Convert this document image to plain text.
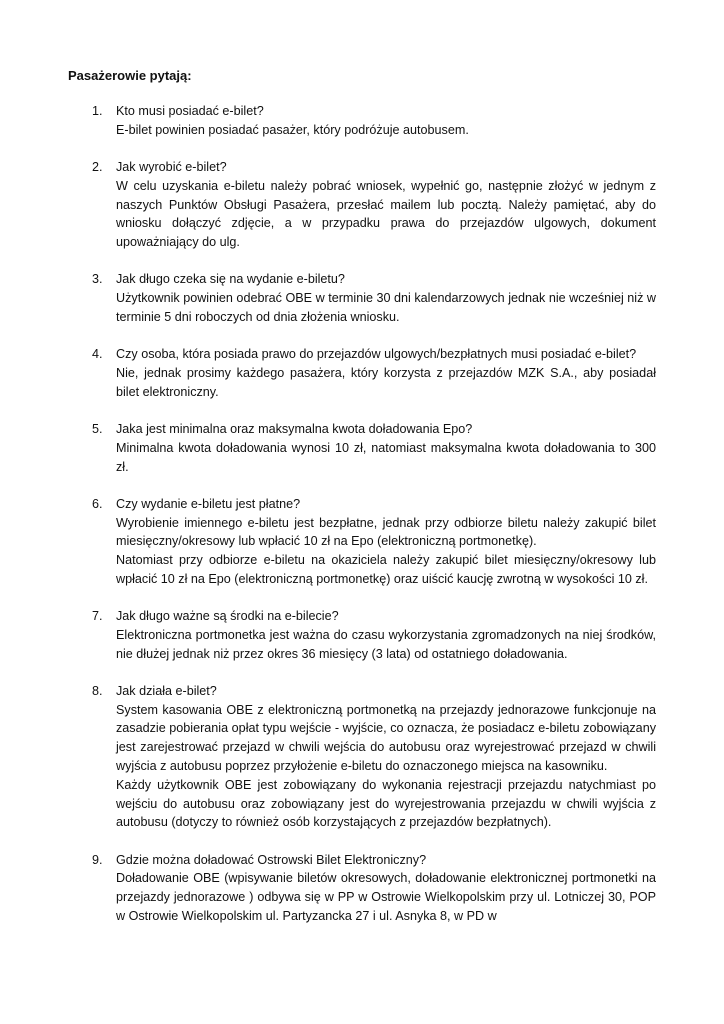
Pasażerowie pytają:
1. Kto musi posiadać e-bilet?
E-bilet powinien posiadać pasażer, który podróżuje autobusem.
2. Jak wyrobić e-bilet?
W celu uzyskania e-biletu należy pobrać wniosek, wypełnić go, następnie złożyć w jednym z naszych Punktów Obsługi Pasażera, przesłać mailem lub pocztą. Należy pamiętać, aby do wniosku dołączyć zdjęcie, a w przypadku prawa do przejazdów ulgowych, dokument upoważniający do ulg.
3. Jak długo czeka się na wydanie e-biletu?
Użytkownik powinien odebrać OBE w terminie 30 dni kalendarzowych jednak nie wcześniej niż w terminie 5 dni roboczych od dnia złożenia wniosku.
4. Czy osoba, która posiada prawo do przejazdów ulgowych/bezpłatnych musi posiadać e-bilet?
Nie, jednak prosimy każdego pasażera, który korzysta z przejazdów MZK S.A., aby posiadał bilet elektroniczny.
5. Jaka jest minimalna oraz maksymalna kwota doładowania Epo?
Minimalna kwota doładowania wynosi 10 zł, natomiast maksymalna kwota doładowania to 300 zł.
6. Czy wydanie e-biletu jest płatne?
Wyrobienie imiennego e-biletu jest bezpłatne, jednak przy odbiorze biletu należy zakupić bilet miesięczny/okresowy lub wpłacić 10 zł na Epo (elektroniczną portmonetkę).
Natomiast przy odbiorze e-biletu na okaziciela należy zakupić bilet miesięczny/okresowy lub wpłacić 10 zł na Epo (elektroniczną portmonetkę) oraz uiścić kaucję zwrotną w wysokości 10 zł.
7. Jak długo ważne są środki na e-bilecie?
Elektroniczna portmonetka jest ważna do czasu wykorzystania zgromadzonych na niej środków, nie dłużej jednak niż przez okres 36 miesięcy (3 lata) od ostatniego doładowania.
8. Jak działa e-bilet?
System kasowania OBE z elektroniczną portmonetką na przejazdy jednorazowe funkcjonuje na zasadzie pobierania opłat typu wejście - wyjście, co oznacza, że posiadacz e-biletu zobowiązany jest zarejestrować przejazd w chwili wejścia do autobusu oraz wyrejestrować przejazd w chwili wyjścia z autobusu poprzez przyłożenie e-biletu do oznaczonego miejsca na kasowniku.
Każdy użytkownik OBE jest zobowiązany do wykonania rejestracji przejazdu natychmiast po wejściu do autobusu oraz zobowiązany jest do wyrejestrowania przejazdu w chwili wyjścia z autobusu (dotyczy to również osób korzystających z przejazdów bezpłatnych).
9. Gdzie można doładować Ostrowski Bilet Elektroniczny?
Doładowanie OBE (wpisywanie biletów okresowych, doładowanie elektronicznej portmonetki na przejazdy jednorazowe ) odbywa się w PP w Ostrowie Wielkopolskim przy ul. Lotniczej 30, POP w Ostrowie Wielkopolskim ul. Partyzancka 27 i ul. Asnyka 8, w PD w
